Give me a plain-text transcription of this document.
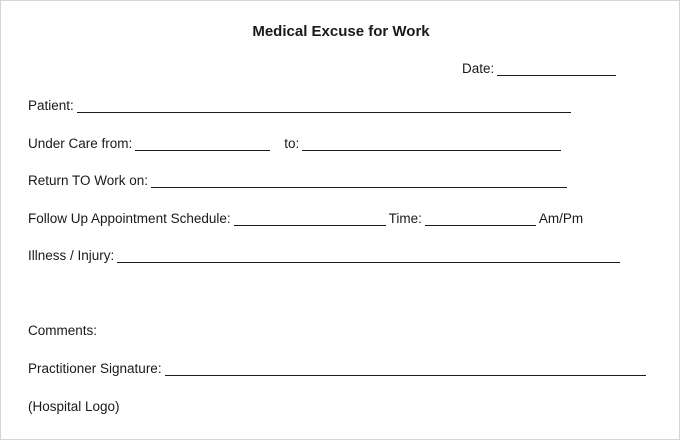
Medical Excuse for Work
Date:
Patient:
Under Care from:	to:
Return TO Work on:
Follow Up Appointment Schedule:	Time:	Am/Pm
Illness / Injury:
Comments:
Practitioner Signature:
(Hospital Logo)
